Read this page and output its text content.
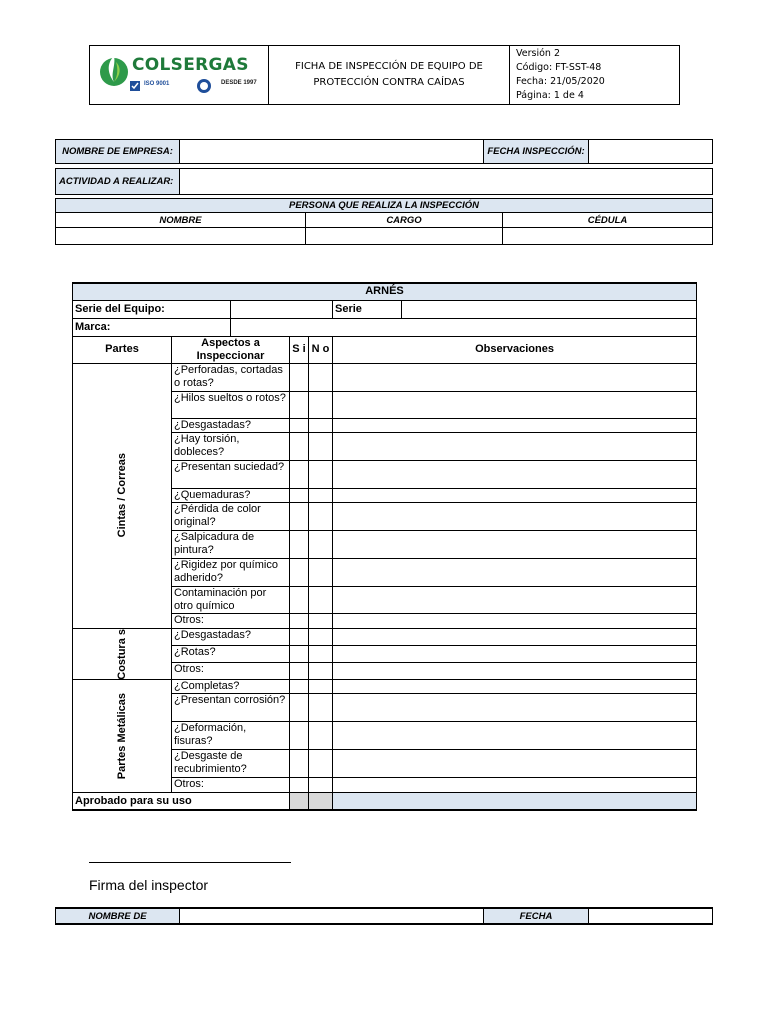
COLSERGAS
ISO 9001	DESDE 1997
	FICHA DE INSPECCIÓN DE EQUIPO DE PROTECCIÓN CONTRA CAÍDAS	
Versión 2
Código: FT-SST-48
Fecha: 21/05/2020
Página: 1 de 4
NOMBRE DE EMPRESA:		FECHA INSPECCIÓN:	
ACTIVIDAD A REALIZAR:	
PERSONA QUE REALIZA LA INSPECCIÓN		
NOMBRE	CARGO	CÉDULA

ARNÉS						
Serie del Equipo:					Serie	
Marca:						
Partes	Aspectos a Inspeccionar		S i	N o	Observaciones	

Cintas / Correas	¿Perforadas, cortadas o rotas?					
	¿Hilos sueltos o rotos?					
	¿Desgastadas?					
	¿Hay torsión, dobleces?					
	¿Presentan suciedad?					
	¿Quemaduras?					
	¿Pérdida de color original?					
	¿Salpicadura de pintura?					
	¿Rigidez por químico adherido?					
	Contaminación por otro químico					
	Otros:					

Costura s	¿Desgastadas?					
	¿Rotas?					
	Otros:					

Partes Metálicas	¿Completas?					
	¿Presentan corrosión?					
	¿Deformación, fisuras?					
	¿Desgaste de recubrimiento?					
	Otros:					
Aprobado para su uso						
Firma del inspector
NOMBRE DE		FECHA	
